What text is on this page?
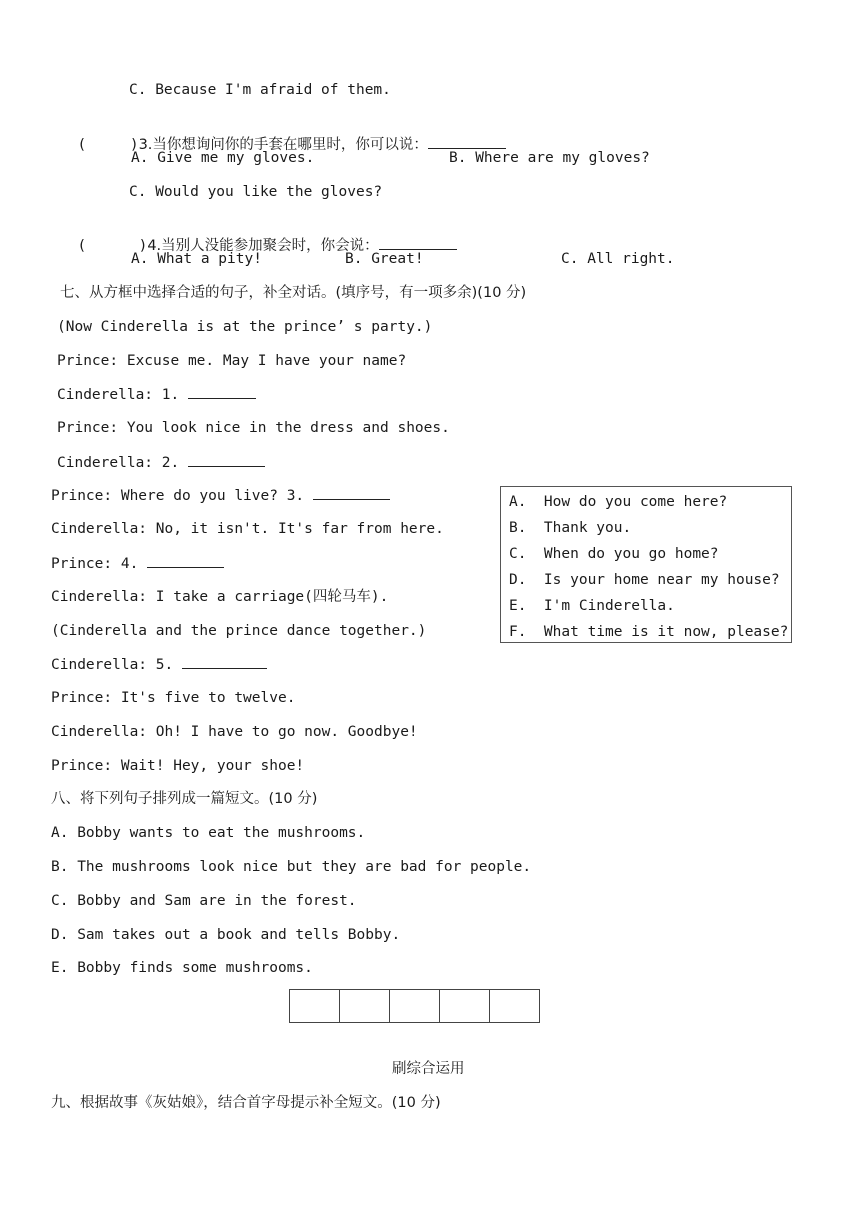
C. Because I'm afraid of them.

(     )3.当你想询问你的手套在哪里时，你可以说：

A. Give me my gloves.	B. Where are my gloves?
C. Would you like the gloves?

(      )4.当别人没能参加聚会时，你会说：

A. What a pity!	B. Great!	C. All right.
七、从方框中选择合适的句子，补全对话。(填序号，有一项多余)(10 分)
(Now Cinderella is at the prince’ s party.)
Prince: Excuse me. May I have your name?
Cinderella: 1.
Prince: You look nice in the dress and shoes.
Cinderella: 2.
Prince: Where do you live? 3.
Cinderella: No, it isn't. It's far from here.
Prince: 4.
Cinderella: I take a carriage(四轮马车).
(Cinderella and the prince dance together.)
Cinderella: 5.
Prince: It's five to twelve.
Cinderella: Oh! I have to go now. Goodbye!
Prince: Wait! Hey, your shoe!
A.  How do you come here?
B.  Thank you.
C.  When do you go home?
D.  Is your home near my house?
E.  I'm Cinderella.
F.  What time is it now, please?
八、将下列句子排列成一篇短文。(10 分)
A. Bobby wants to eat the mushrooms.
B. The mushrooms look nice but they are bad for people.
C. Bobby and Sam are in the forest.
D. Sam takes out a book and tells Bobby.
E. Bobby finds some mushrooms.
刷综合运用
九、根据故事《灰姑娘》，结合首字母提示补全短文。(10 分)
